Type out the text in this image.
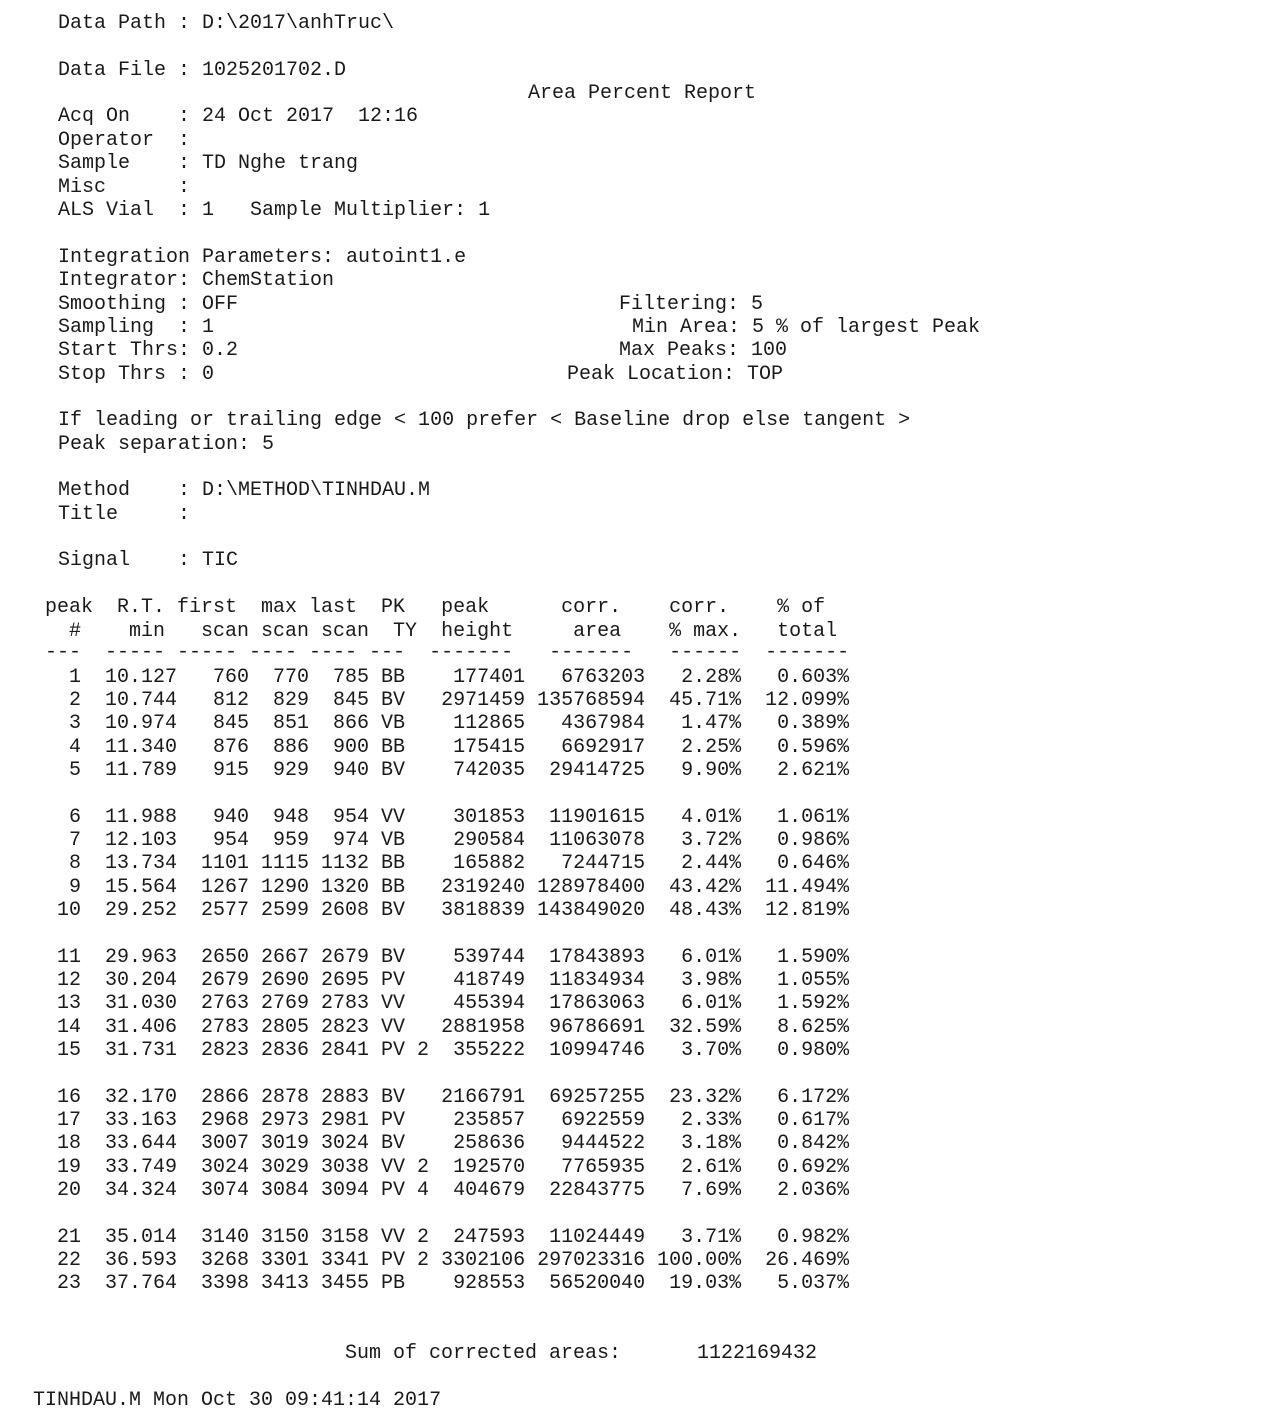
Data Path : D:\2017\anhTruc\
Data File : 1025201702.D
Area Percent Report
Acq On    : 24 Oct 2017  12:16
Operator  :
Sample    : TD Nghe trang
Misc      :
ALS Vial  : 1   Sample Multiplier: 1
Integration Parameters: autoint1.e
Integrator: ChemStation
Smoothing : OFF	Filtering: 5
Sampling  : 1	Min Area: 5 % of largest Peak
Start Thrs: 0.2	Max Peaks: 100
Stop Thrs : 0	Peak Location: TOP
If leading or trailing edge < 100 prefer < Baseline drop else tangent >
Peak separation: 5
Method    : D:\METHOD\TINHDAU.M
Title     :
Signal    : TIC
peak  R.T. first  max last  PK   peak      corr.    corr.    % of
#    min   scan scan scan  TY  height     area    % max.   total
---  ----- ----- ---- ---- ---  -------   -------   ------  -------
1  10.127   760  770  785 BB    177401   6763203   2.28%   0.603%
2  10.744   812  829  845 BV   2971459 135768594  45.71%  12.099%
3  10.974   845  851  866 VB    112865   4367984   1.47%   0.389%
4  11.340   876  886  900 BB    175415   6692917   2.25%   0.596%
5  11.789   915  929  940 BV    742035  29414725   9.90%   2.621%
6  11.988   940  948  954 VV    301853  11901615   4.01%   1.061%
7  12.103   954  959  974 VB    290584  11063078   3.72%   0.986%
8  13.734  1101 1115 1132 BB    165882   7244715   2.44%   0.646%
9  15.564  1267 1290 1320 BB   2319240 128978400  43.42%  11.494%
10  29.252  2577 2599 2608 BV   3818839 143849020  48.43%  12.819%
11  29.963  2650 2667 2679 BV    539744  17843893   6.01%   1.590%
12  30.204  2679 2690 2695 PV    418749  11834934   3.98%   1.055%
13  31.030  2763 2769 2783 VV    455394  17863063   6.01%   1.592%
14  31.406  2783 2805 2823 VV   2881958  96786691  32.59%   8.625%
15  31.731  2823 2836 2841 PV 2  355222  10994746   3.70%   0.980%
16  32.170  2866 2878 2883 BV   2166791  69257255  23.32%   6.172%
17  33.163  2968 2973 2981 PV    235857   6922559   2.33%   0.617%
18  33.644  3007 3019 3024 BV    258636   9444522   3.18%   0.842%
19  33.749  3024 3029 3038 VV 2  192570   7765935   2.61%   0.692%
20  34.324  3074 3084 3094 PV 4  404679  22843775   7.69%   2.036%
21  35.014  3140 3150 3158 VV 2  247593  11024449   3.71%   0.982%
22  36.593  3268 3301 3341 PV 2 3302106 297023316 100.00%  26.469%
23  37.764  3398 3413 3455 PB    928553  56520040  19.03%   5.037%
Sum of corrected areas:	1122169432
TINHDAU.M Mon Oct 30 09:41:14 2017
